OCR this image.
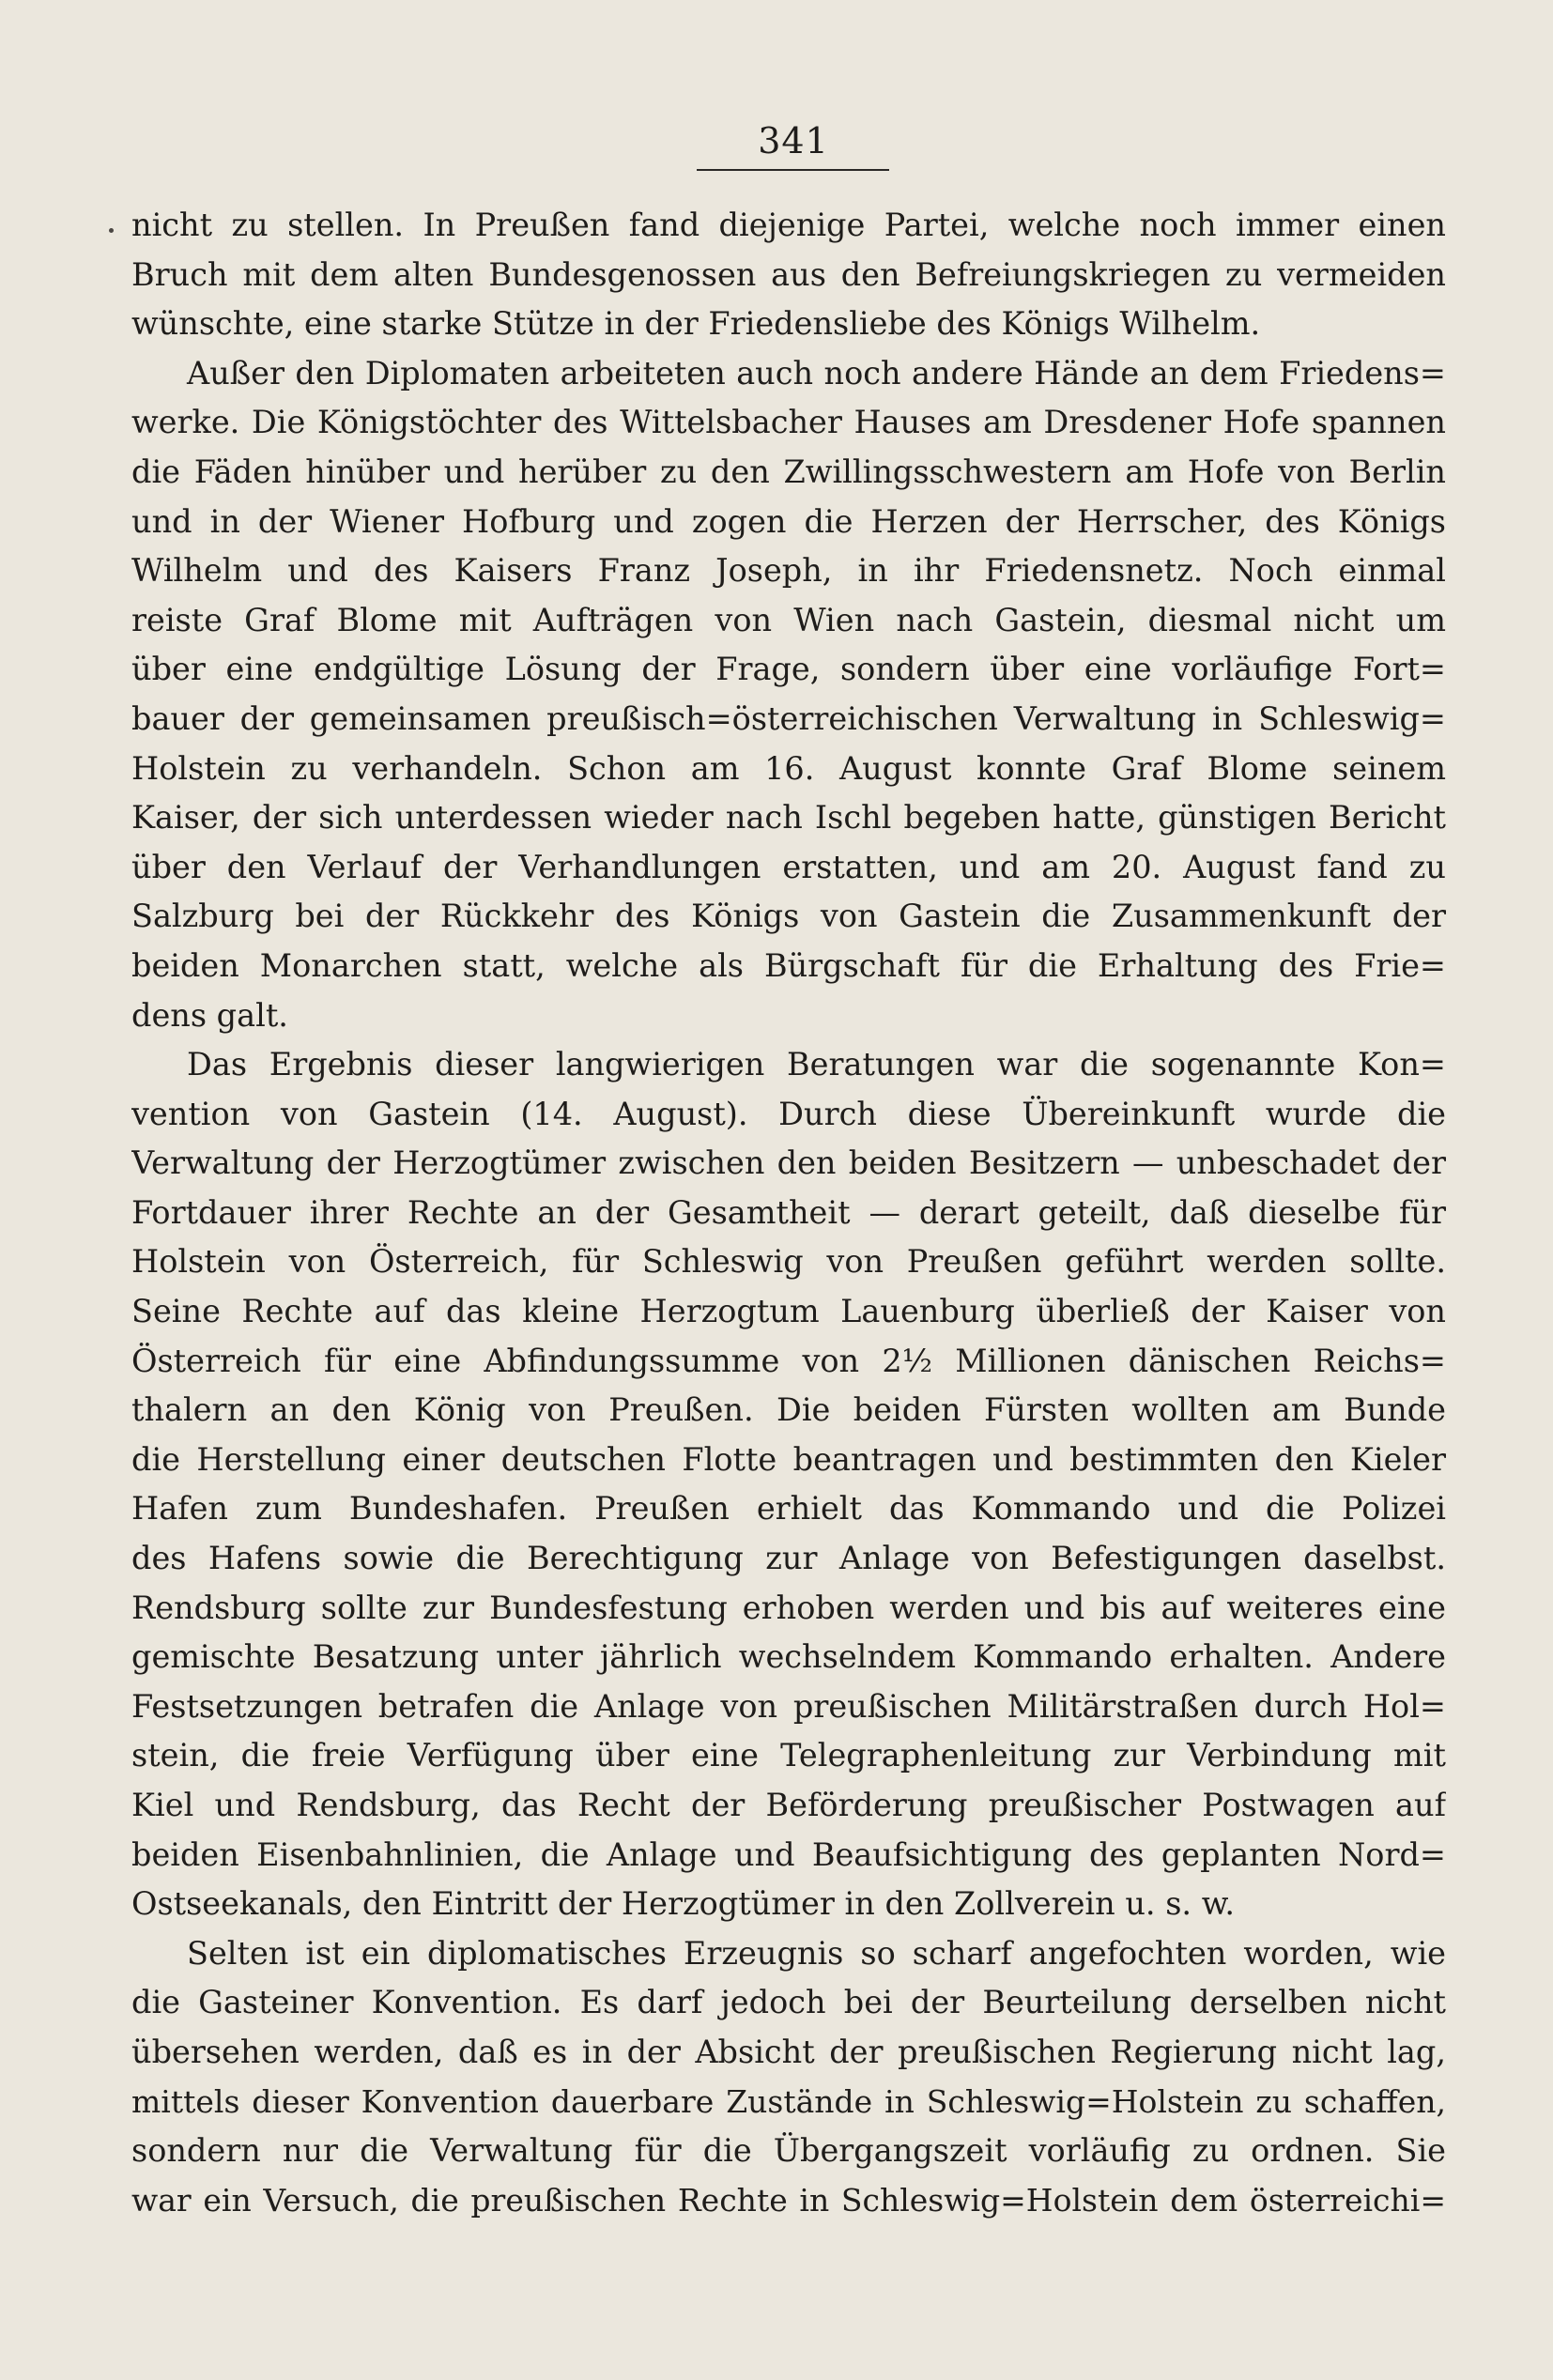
341
nicht zu stellen. In Preußen fand diejenige Partei, welche noch immer einen
Bruch mit dem alten Bundesgenossen aus den Befreiungskriegen zu vermeiden
wünschte, eine starke Stütze in der Friedensliebe des Königs Wilhelm.
Außer den Diplomaten arbeiteten auch noch andere Hände an dem Friedens=
werke. Die Königstöchter des Wittelsbacher Hauses am Dresdener Hofe spannen
die Fäden hinüber und herüber zu den Zwillingsschwestern am Hofe von Berlin
und in der Wiener Hofburg und zogen die Herzen der Herrscher, des Königs
Wilhelm und des Kaisers Franz Joseph, in ihr Friedensnetz. Noch einmal
reiste Graf Blome mit Aufträgen von Wien nach Gastein, diesmal nicht um
über eine endgültige Lösung der Frage, sondern über eine vorläufige Fort=
bauer der gemeinsamen preußisch=österreichischen Verwaltung in Schleswig=
Holstein zu verhandeln. Schon am 16. August konnte Graf Blome seinem
Kaiser, der sich unterdessen wieder nach Ischl begeben hatte, günstigen Bericht
über den Verlauf der Verhandlungen erstatten, und am 20. August fand zu
Salzburg bei der Rückkehr des Königs von Gastein die Zusammenkunft der
beiden Monarchen statt, welche als Bürgschaft für die Erhaltung des Frie=
dens galt.
Das Ergebnis dieser langwierigen Beratungen war die sogenannte Kon=
vention von Gastein (14. August). Durch diese Übereinkunft wurde die
Verwaltung der Herzogtümer zwischen den beiden Besitzern — unbeschadet der
Fortdauer ihrer Rechte an der Gesamtheit — derart geteilt, daß dieselbe für
Holstein von Österreich, für Schleswig von Preußen geführt werden sollte.
Seine Rechte auf das kleine Herzogtum Lauenburg überließ der Kaiser von
Österreich für eine Abfindungssumme von 2½ Millionen dänischen Reichs=
thalern an den König von Preußen. Die beiden Fürsten wollten am Bunde
die Herstellung einer deutschen Flotte beantragen und bestimmten den Kieler
Hafen zum Bundeshafen. Preußen erhielt das Kommando und die Polizei
des Hafens sowie die Berechtigung zur Anlage von Befestigungen daselbst.
Rendsburg sollte zur Bundesfestung erhoben werden und bis auf weiteres eine
gemischte Besatzung unter jährlich wechselndem Kommando erhalten. Andere
Festsetzungen betrafen die Anlage von preußischen Militärstraßen durch Hol=
stein, die freie Verfügung über eine Telegraphenleitung zur Verbindung mit
Kiel und Rendsburg, das Recht der Beförderung preußischer Postwagen auf
beiden Eisenbahnlinien, die Anlage und Beaufsichtigung des geplanten Nord=
Ostseekanals, den Eintritt der Herzogtümer in den Zollverein u. s. w.
Selten ist ein diplomatisches Erzeugnis so scharf angefochten worden, wie
die Gasteiner Konvention. Es darf jedoch bei der Beurteilung derselben nicht
übersehen werden, daß es in der Absicht der preußischen Regierung nicht lag,
mittels dieser Konvention dauerbare Zustände in Schleswig=Holstein zu schaffen,
sondern nur die Verwaltung für die Übergangszeit vorläufig zu ordnen. Sie
war ein Versuch, die preußischen Rechte in Schleswig=Holstein dem österreichi=
